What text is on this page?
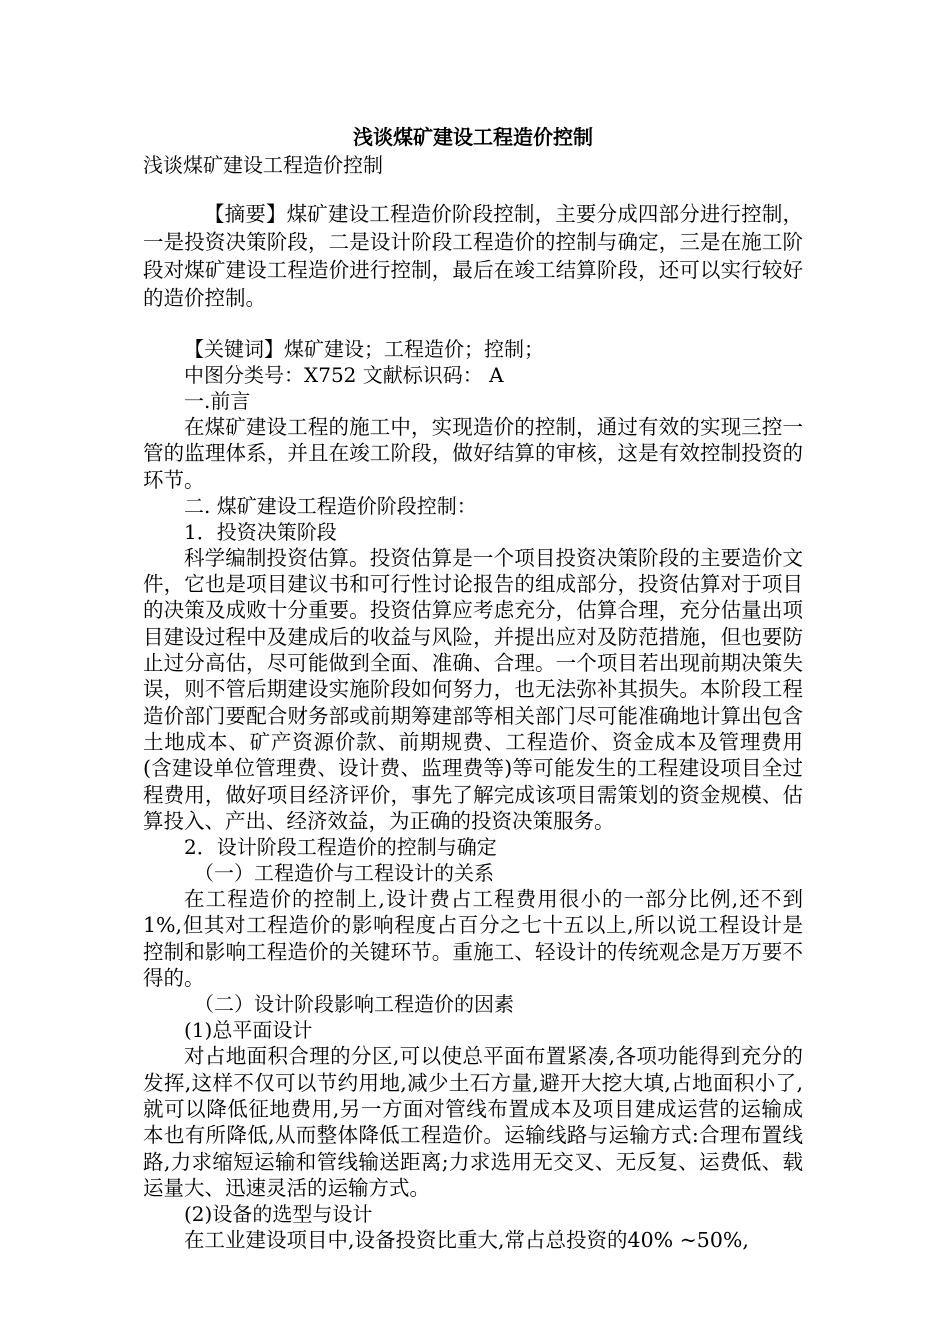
浅谈煤矿建设工程造价控制

浅谈煤矿建设工程造价控制

【摘要】煤矿建设工程造价阶段控制，主要分成四部分进行控制，一是投资决策阶段，二是设计阶段工程造价的控制与确定，三是在施工阶段对煤矿建设工程造价进行控制，最后在竣工结算阶段，还可以实行较好的造价控制。

【关键词】煤矿建设；工程造价；控制；

中图分类号：X752 文献标识码： A

一.前言

在煤矿建设工程的施工中，实现造价的控制，通过有效的实现三控一管的监理体系，并且在竣工阶段，做好结算的审核，这是有效控制投资的环节。

二. 煤矿建设工程造价阶段控制：

1．投资决策阶段

科学编制投资估算。投资估算是一个项目投资决策阶段的主要造价文件，它也是项目建议书和可行性讨论报告的组成部分，投资估算对于项目的决策及成败十分重要。投资估算应考虑充分，估算合理，充分估量出项目建设过程中及建成后的收益与风险，并提出应对及防范措施，但也要防止过分高估，尽可能做到全面、准确、合理。一个项目若出现前期决策失误，则不管后期建设实施阶段如何努力，也无法弥补其损失。本阶段工程造价部门要配合财务部或前期筹建部等相关部门尽可能准确地计算出包含土地成本、矿产资源价款、前期规费、工程造价、资金成本及管理费用(含建设单位管理费、设计费、监理费等)等可能发生的工程建设项目全过程费用，做好项目经济评价，事先了解完成该项目需策划的资金规模、估算投入、产出、经济效益，为正确的投资决策服务。

2．设计阶段工程造价的控制与确定

（一）工程造价与工程设计的关系

在工程造价的控制上,设计费占工程费用很小的一部分比例,还不到1%,但其对工程造价的影响程度占百分之七十五以上,所以说工程设计是控制和影响工程造价的关键环节。重施工、轻设计的传统观念是万万要不得的。

（二）设计阶段影响工程造价的因素

(1)总平面设计

对占地面积合理的分区,可以使总平面布置紧凑,各项功能得到充分的发挥,这样不仅可以节约用地,减少土石方量,避开大挖大填,占地面积小了,就可以降低征地费用,另一方面对管线布置成本及项目建成运营的运输成本也有所降低,从而整体降低工程造价。运输线路与运输方式:合理布置线路,力求缩短运输和管线输送距离;力求选用无交叉、无反复、运费低、载运量大、迅速灵活的运输方式。

(2)设备的选型与设计

在工业建设项目中,设备投资比重大,常占总投资的40% ~50%,
